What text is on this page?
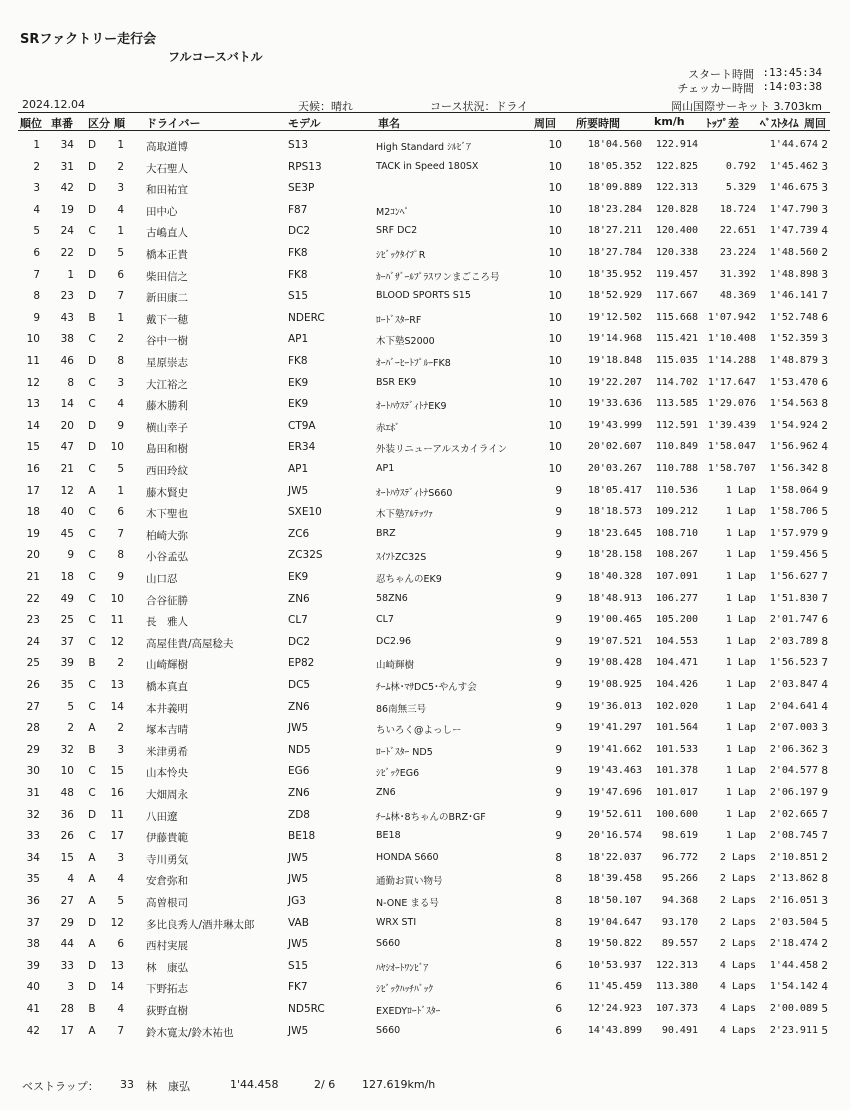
SRファクトリー走行会
フルコースバトル
スタート時間 :13:45:34
チェッカー時間 :14:03:38
2024.12.04	天候：晴れ	コース状況：ドライ	岡山国際サーキット 3.703km
順位 車番 区分 順 ドライバー	モデル	車名	周回 所要時間	km/h ﾄｯﾌﾟ差 ﾍﾞｽﾄﾀｲﾑ 周回
1	34	D	1 高取道博	S13	High Standard ｼﾙﾋﾞｱ	10	18'04.560	122.914	1'44.674 2
2	31	D	2 大石聖人	RPS13	TACK in Speed 180SX	10	18'05.352	122.825	0.792	1'45.462 3
3	42	D	3 和田祐宜	SE3P	10	18'09.889	122.313	5.329	1'46.675 3
4	19	D	4 田中心	F87	M2ｺﾝﾍﾟ	10	18'23.284	120.828	18.724	1'47.790 3
5	24	C	1 古嶋直人	DC2	SRF DC2	10	18'27.211	120.400	22.651	1'47.739 4
6	22	D	5 橋本正貴	FK8	ｼﾋﾞｯｸﾀｲﾌﾟR	10	18'27.784	120.338	23.224	1'48.560 2
7	1	D	6 柴田信之	FK8	ｶｰﾊﾞｻﾞｰﾙﾌﾟﾗｽワンまごころ号	10	18'35.952	119.457	31.392	1'48.898 3
8	23	D	7 新田康二	S15	BLOOD SPORTS S15	10	18'52.929	117.667	48.369	1'46.141 7
9	43	B	1 戴下一穂	NDERC	ﾛｰﾄﾞｽﾀｰRF	10	19'12.502	115.668 1'07.942	1'52.748 6
10	38	C	2 谷中一樹	AP1	木下塾S2000	10	19'14.968	115.421 1'10.408	1'52.359 3
11	46	D	8 星原崇志	FK8	ｵｰﾊﾞｰﾋｰﾄﾌﾟﾙｰFK8	10	19'18.848	115.035 1'14.288	1'48.879 3
12	8	C	3 大江裕之	EK9	BSR EK9	10	19'22.207	114.702 1'17.647	1'53.470 6
13	14	C	4 藤木勝利	EK9	ｵｰﾄﾊｳｽﾃﾞｨﾄﾅEK9	10	19'33.636	113.585 1'29.076	1'54.563 8
14	20	D	9 横山幸子	CT9A	赤ｴﾎﾞ	10	19'43.999	112.591 1'39.439	1'54.924 2
15	47	D	10 島田和樹	ER34	外装リニューアルスカイライン	10	20'02.607	110.849 1'58.047	1'56.962 4
16	21	C	5 西田玲紋	AP1	AP1	10	20'03.267	110.788 1'58.707	1'56.342 8
17	12	A	1 藤木賢史	JW5	ｵｰﾄﾊｳｽﾃﾞｨﾄﾅS660	9	18'05.417	110.536	1 Lap	1'58.064 9
18	40	C	6 木下聖也	SXE10	木下塾ｱﾙﾃｯﾂｧ	9	18'18.573	109.212	1 Lap	1'58.706 5
19	45	C	7 柏崎大弥	ZC6	BRZ	9	18'23.645	108.710	1 Lap	1'57.979 9
20	9	C	8 小谷孟弘	ZC32S	ｽｲﾌﾄZC32S	9	18'28.158	108.267	1 Lap	1'59.456 5
21	18	C	9 山口忍	EK9	忍ちゃんのEK9	9	18'40.328	107.091	1 Lap	1'56.627 7
22	49	C	10 合谷征勝	ZN6	58ZN6	9	18'48.913	106.277	1 Lap	1'51.830 7
23	25	C	11 長　雅人	CL7	CL7	9	19'00.465	105.200	1 Lap	2'01.747 6
24	37	C	12 高屋佳貴/高屋稔夫	DC2	DC2.96	9	19'07.521	104.553	1 Lap	2'03.789 8
25	39	B	2 山崎輝樹	EP82	山崎輝樹	9	19'08.428	104.471	1 Lap	1'56.523 7
26	35	C	13 橋本真直	DC5	ﾁｰﾑ林･ﾏｻDC5･やんす会	9	19'08.925	104.426	1 Lap	2'03.847 4
27	5	C	14 本井義明	ZN6	86南無三号	9	19'36.013	102.020	1 Lap	2'04.641 4
28	2	A	2 塚本吉晴	JW5	ちいろく@よっしー	9	19'41.297	101.564	1 Lap	2'07.003 3
29	32	B	3 米津勇希	ND5	ﾛｰﾄﾞｽﾀｰ ND5	9	19'41.662	101.533	1 Lap	2'06.362 3
30	10	C	15 山本怜央	EG6	ｼﾋﾞｯｸEG6	9	19'43.463	101.378	1 Lap	2'04.577 8
31	48	C	16 大畑周永	ZN6	ZN6	9	19'47.696	101.017	1 Lap	2'06.197 9
32	36	D	11 八田遼	ZD8	ﾁｰﾑ林･8ちゃんのBRZ･GF	9	19'52.611	100.600	1 Lap	2'02.665 7
33	26	C	17 伊藤貴範	BE18	BE18	9	20'16.574	98.619	1 Lap	2'08.745 7
34	15	A	3 寺川勇気	JW5	HONDA S660	8	18'22.037	96.772	2 Laps	2'10.851 2
35	4	A	4 安倉弥和	JW5	通勤お買い物号	8	18'39.458	95.266	2 Laps	2'13.862 8
36	27	A	5 高曽根司	JG3	N-ONE まる号	8	18'50.107	94.368	2 Laps	2'16.051 3
37	29	D	12 多比良秀人/酒井琳太郎	VAB	WRX STI	8	19'04.647	93.170	2 Laps	2'03.504 5
38	44	A	6 西村実展	JW5	S660	8	19'50.822	89.557	2 Laps	2'18.474 2
39	33	D	13 林　康弘	S15	ﾊﾔｼｵｰﾄﾜﾝﾋﾞｱ	6	10'53.937	122.313	4 Laps	1'44.458 2
40	3	D	14 下野拓志	FK7	ｼﾋﾞｯｸﾊｯﾁﾊﾞｯｸ	6	11'45.459	113.380	4 Laps	1'54.142 4
41	28	B	4 荻野直樹	ND5RC	EXEDYﾛｰﾄﾞｽﾀｰ	6	12'24.923	107.373	4 Laps	2'00.089 5
42	17	A	7 鈴木寛太/鈴木祐也	JW5	S660	6	14'43.899	90.491	4 Laps	2'23.911 5
ベストラップ： 33 林　康弘	1'44.458	2/ 6 127.619km/h
